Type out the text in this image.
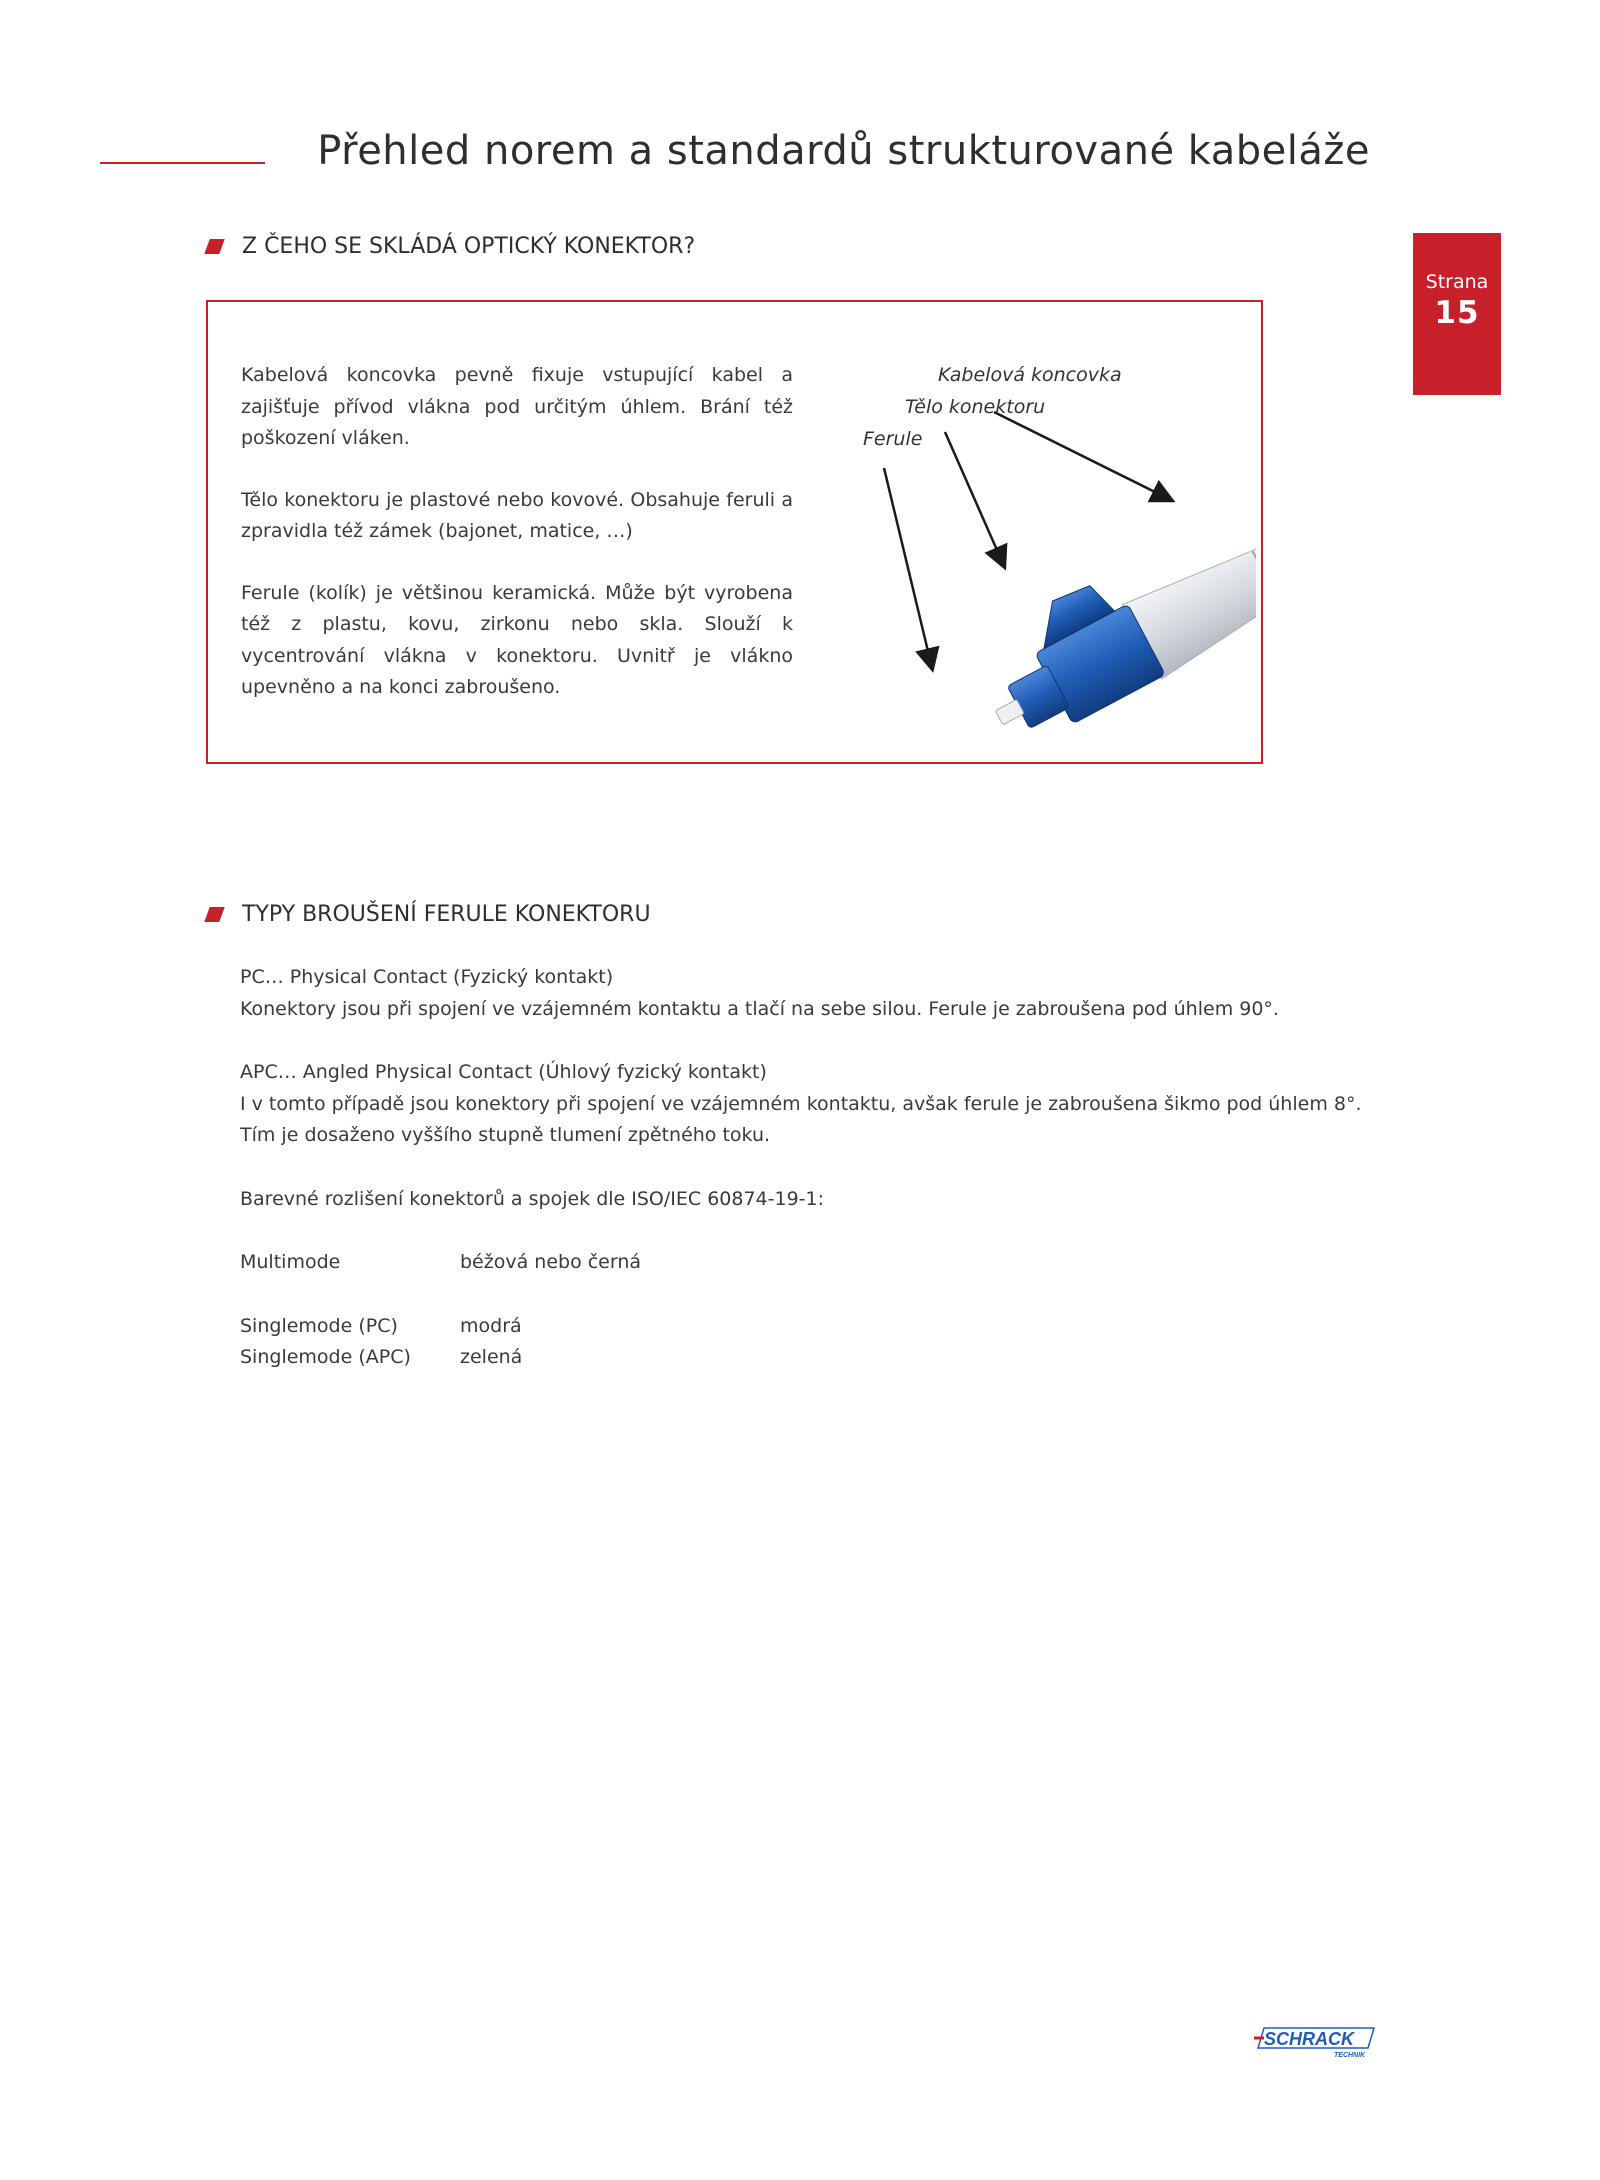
Přehled norem a standardů strukturované kabeláže
Strana
15
Z ČEHO SE SKLÁDÁ OPTICKÝ KONEKTOR?

Kabelová koncovka pevně fixuje vstupující kabel a zajišťuje přívod vlákna pod určitým úhlem. Brání též poškození vláken.

Tělo konektoru je plastové nebo kovové. Obsahuje feruli a zpravidla též zámek (bajonet, matice, …)

Ferule (kolík) je většinou keramická. Může být vyrobena též z plastu, kovu, zirkonu nebo skla. Slouží k vycentrování vlákna v konektoru. Uvnitř je vlákno upevněno a na konci zabroušeno.

Kabelová koncovka
Tělo konektoru
Ferule
TYPY BROUŠENÍ FERULE KONEKTORU
PC… Physical Contact (Fyzický kontakt)
Konektory jsou při spojení ve vzájemném kontaktu a tlačí na sebe silou. Ferule je zabroušena pod úhlem 90°.
APC… Angled Physical Contact (Úhlový fyzický kontakt)
I v tomto případě jsou konektory při spojení ve vzájemném kontaktu, avšak ferule je zabroušena šikmo pod úhlem 8°.
Tím je dosaženo vyššího stupně tlumení zpětného toku.
Barevné rozlišení konektorů a spojek dle ISO/IEC 60874-19-1:
Multimode	béžová nebo černá
Singlemode (PC)	modrá
Singlemode (APC)	zelená
SCHRACK
TECHNIK
